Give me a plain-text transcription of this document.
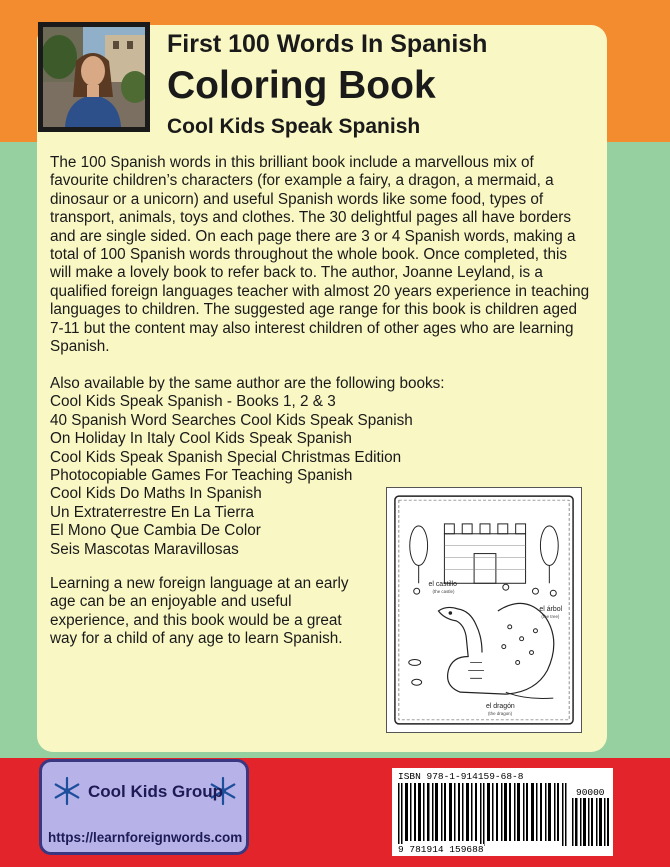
First 100 Words In Spanish
Coloring Book
Cool Kids Speak Spanish
The 100 Spanish words in this brilliant book include a marvellous mix of favourite children’s characters (for example a fairy, a dragon, a mermaid, a dinosaur or a unicorn) and useful Spanish words like some food, types of transport, animals, toys and clothes. The 30 delightful pages all have borders and are single sided. On each page there are 3 or 4 Spanish words, making a total of 100 Spanish words throughout the whole book. Once completed, this will make a lovely book to refer back to. The author, Joanne Leyland, is a qualified foreign languages teacher with almost 20 years experience in teaching languages to children. The suggested age range for this book is children aged 7-11 but the content may also interest children of other ages who are learning Spanish.
Also available by the same author are the following books:
Cool Kids Speak Spanish - Books 1, 2 & 3
40 Spanish Word Searches Cool Kids Speak Spanish
On Holiday In Italy Cool Kids Speak Spanish
Cool Kids Speak Spanish Special Christmas Edition
Photocopiable Games For Teaching Spanish
Cool Kids Do Maths In Spanish
Un Extraterrestre En La Tierra
El Mono Que Cambia De Color
Seis Mascotas Maravillosas
Learning a new foreign language at an early age can be an enjoyable and useful experience, and this book would be a great way for a child of any age to learn Spanish.
el castillo
(the castle)
el árbol
(the tree)
el dragón
(the dragon)
Cool Kids Group
https://learnforeignwords.com
ISBN 978-1-914159-68-8
90000
9 781914 159688
